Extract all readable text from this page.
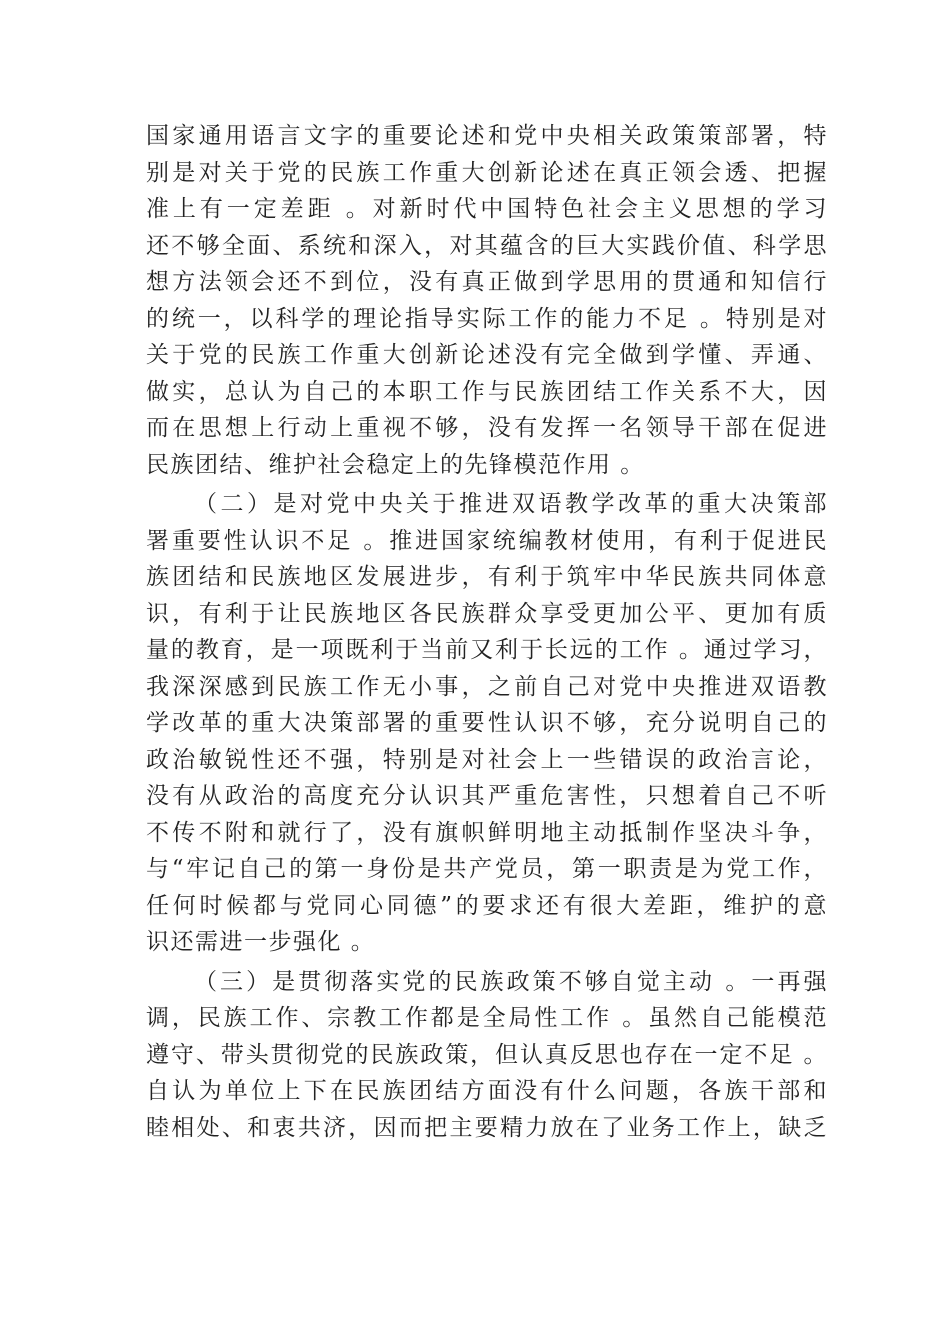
国家通用语言文字的重要论述和党中央相关政策策部署，特
别是对关于党的民族工作重大创新论述在真正领会透、把握
准上有一定差距 。对新时代中国特色社会主义思想的学习
还不够全面、系统和深入，对其蕴含的巨大实践价值、科学思
想方法领会还不到位，没有真正做到学思用的贯通和知信行
的统一，以科学的理论指导实际工作的能力不足 。特别是对
关于党的民族工作重大创新论述没有完全做到学懂、弄通、
做实，总认为自己的本职工作与民族团结工作关系不大，因
而在思想上行动上重视不够，没有发挥一名领导干部在促进
民族团结、维护社会稳定上的先锋模范作用 。
（二）是对党中央关于推进双语教学改革的重大决策部
署重要性认识不足 。推进国家统编教材使用，有利于促进民
族团结和民族地区发展进步，有利于筑牢中华民族共同体意
识，有利于让民族地区各民族群众享受更加公平、更加有质
量的教育，是一项既利于当前又利于长远的工作 。通过学习，
我深深感到民族工作无小事，之前自己对党中央推进双语教
学改革的重大决策部署的重要性认识不够，充分说明自己的
政治敏锐性还不强，特别是对社会上一些错误的政治言论，
没有从政治的高度充分认识其严重危害性，只想着自己不听
不传不附和就行了，没有旗帜鲜明地主动抵制作坚决斗争，
与“牢记自己的第一身份是共产党员，第一职责是为党工作，
任何时候都与党同心同德”的要求还有很大差距，维护的意
识还需进一步强化 。
（三）是贯彻落实党的民族政策不够自觉主动 。一再强
调，民族工作、宗教工作都是全局性工作 。虽然自己能模范
遵守、带头贯彻党的民族政策，但认真反思也存在一定不足 。
自认为单位上下在民族团结方面没有什么问题，各族干部和
睦相处、和衷共济，因而把主要精力放在了业务工作上，缺乏
